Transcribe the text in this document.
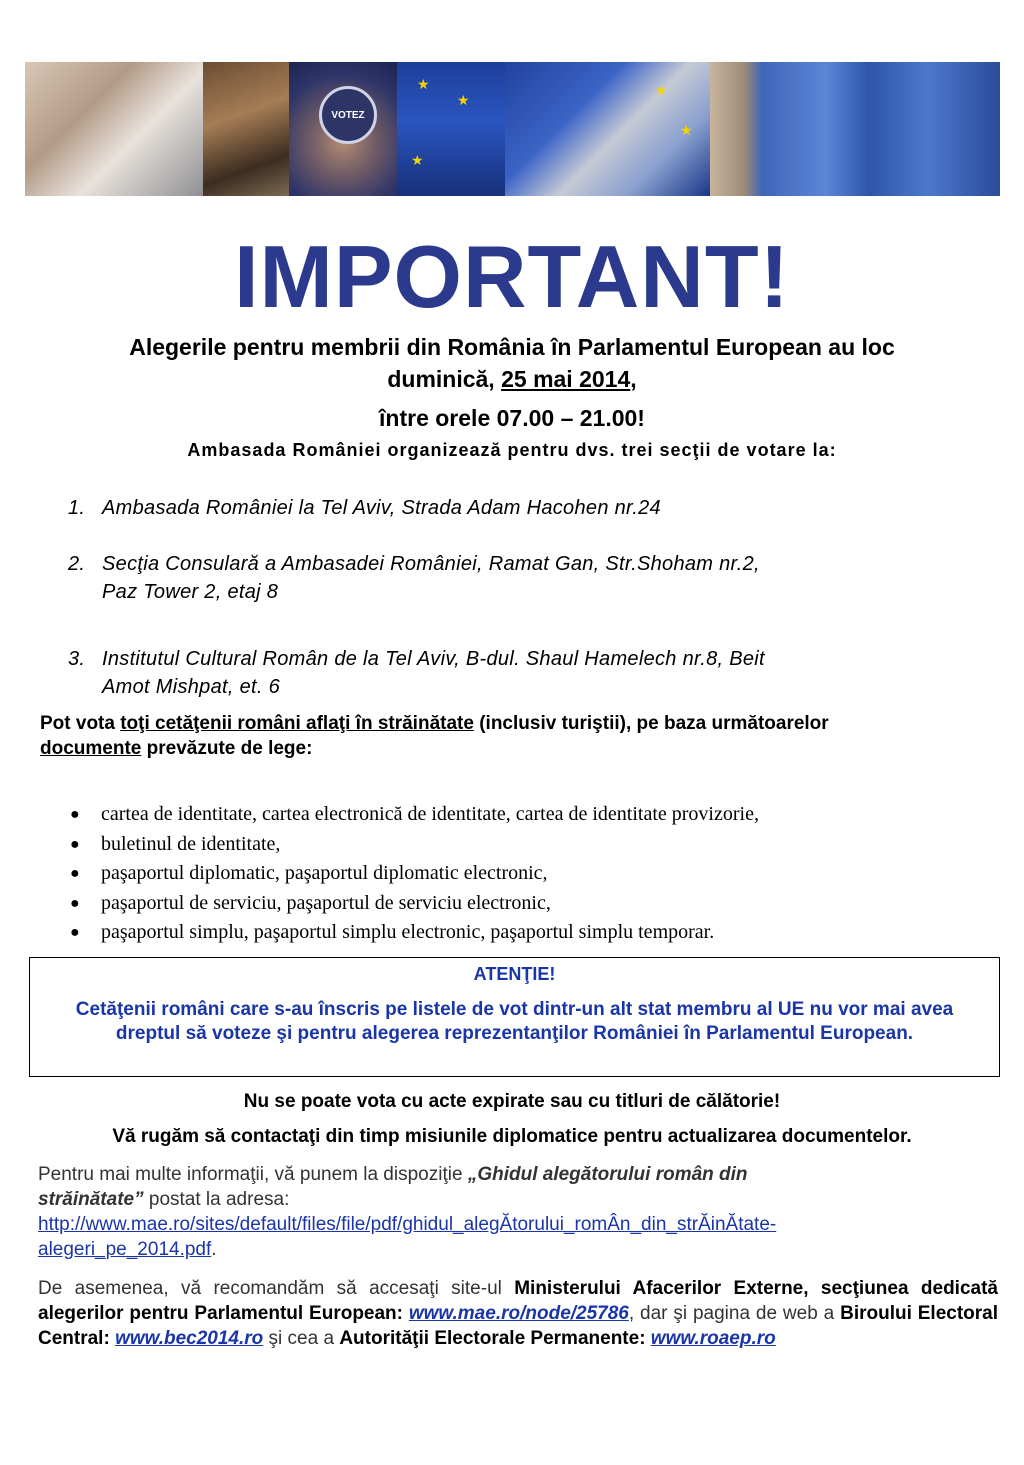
VOTEZ
★
★
★
★
★
IMPORTANT!
Alegerile pentru membrii din România în Parlamentul European au loc
duminică, 25 mai 2014,
între orele 07.00 – 21.00!
Ambasada României organizează pentru dvs. trei secţii de votare la:
1. Ambasada României la Tel Aviv, Strada Adam Hacohen nr.24
2. Secţia Consulară a Ambasadei României, Ramat Gan, Str.Shoham nr.2,
Paz Tower 2, etaj 8
3. Institutul Cultural Român de la Tel Aviv, B-dul. Shaul Hamelech nr.8, Beit
Amot Mishpat, et. 6
Pot vota toţi cetăţenii români aflaţi în străinătate (inclusiv turiştii), pe baza următoarelor
documente prevăzute de lege:
●	cartea de identitate, cartea electronică de identitate, cartea de identitate provizorie,
●	buletinul de identitate,
●	paşaportul diplomatic, paşaportul diplomatic electronic,
●	paşaportul de serviciu, paşaportul de serviciu electronic,
●	paşaportul simplu, paşaportul simplu electronic, paşaportul simplu temporar.
ATENŢIE!
Cetăţenii români care s-au înscris pe listele de vot dintr-un alt stat membru al UE nu vor mai avea dreptul să voteze şi pentru alegerea reprezentanţilor României în Parlamentul European.
Nu se poate vota cu acte expirate sau cu titluri de călătorie!
Vă rugăm să contactaţi din timp misiunile diplomatice pentru actualizarea documentelor.
Pentru mai multe informaţii, vă punem la dispoziţie „Ghidul alegătorului român din
străinătate” postat la adresa:
http://www.mae.ro/sites/default/files/file/pdf/ghidul_alegĂtorului_romÂn_din_strĂinĂtate-
alegeri_pe_2014.pdf.
De asemenea, vă recomandăm să accesaţi site-ul Ministerului Afacerilor Externe, secţiunea dedicată alegerilor pentru Parlamentul European: www.mae.ro/node/25786, dar şi pagina de web a Biroului Electoral Central: www.bec2014.ro şi cea a Autorităţii Electorale Permanente: www.roaep.ro
